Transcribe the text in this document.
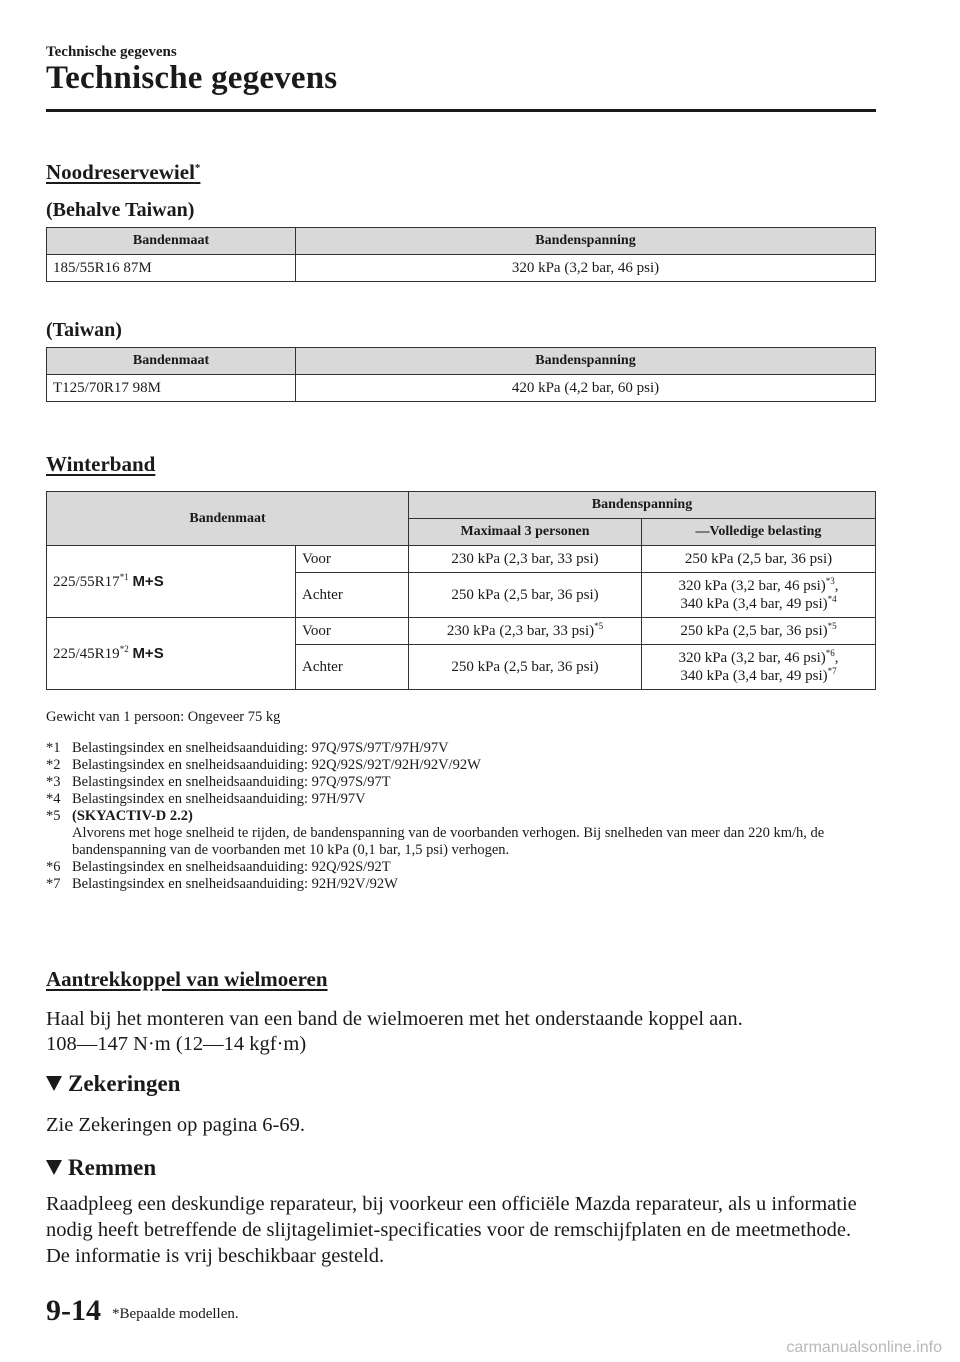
Technische gegevens
Technische gegevens
Noodreservewiel*
(Behalve Taiwan)
Bandenmaat	Bandenspanning
185/55R16 87M	320 kPa (3,2 bar, 46 psi)
(Taiwan)
Bandenmaat	Bandenspanning
T125/70R17 98M	420 kPa (4,2 bar, 60 psi)
Winterband
Bandenmaat		Bandenspanning	
		Maximaal 3 personen	—Volledige belasting
225/55R17$^{*1}$ M+S	Voor	230 kPa (2,3 bar, 33 psi)	250 kPa (2,5 bar, 36 psi)
	Achter	250 kPa (2,5 bar, 36 psi)	320 kPa (3,2 bar, 46 psi)$^{*3}$,
340 kPa (3,4 bar, 49 psi)$^{*4}$
225/45R19$^{*2}$ M+S	Voor	230 kPa (2,3 bar, 33 psi)$^{*5}$	250 kPa (2,5 bar, 36 psi)$^{*5}$
	Achter	250 kPa (2,5 bar, 36 psi)	320 kPa (3,2 bar, 46 psi)$^{*6}$,
340 kPa (3,4 bar, 49 psi)$^{*7}$
Gewicht van 1 persoon: Ongeveer 75 kg
*1 Belastingsindex en snelheidsaanduiding: 97Q/97S/97T/97H/97V
*2 Belastingsindex en snelheidsaanduiding: 92Q/92S/92T/92H/92V/92W
*3 Belastingsindex en snelheidsaanduiding: 97Q/97S/97T
*4 Belastingsindex en snelheidsaanduiding: 97H/97V
*5 (SKYACTIV-D 2.2)
Alvorens met hoge snelheid te rijden, de bandenspanning van de voorbanden verhogen. Bij snelheden van meer dan 220 km/h, de bandenspanning van de voorbanden met 10 kPa (0,1 bar, 1,5 psi) verhogen.
*6 Belastingsindex en snelheidsaanduiding: 92Q/92S/92T
*7 Belastingsindex en snelheidsaanduiding: 92H/92V/92W
Aantrekkoppel van wielmoeren
Haal bij het monteren van een band de wielmoeren met het onderstaande koppel aan.
108—147 N·m (12—14 kgf·m)
Zekeringen
Zie Zekeringen op pagina 6-69.
Remmen
Raadpleeg een deskundige reparateur, bij voorkeur een officiële Mazda reparateur, als u informatie nodig heeft betreffende de slijtagelimiet-specificaties voor de remschijfplaten en de meetmethode. De informatie is vrij beschikbaar gesteld.
9-14 *Bepaalde modellen.
carmanualsonline.info
